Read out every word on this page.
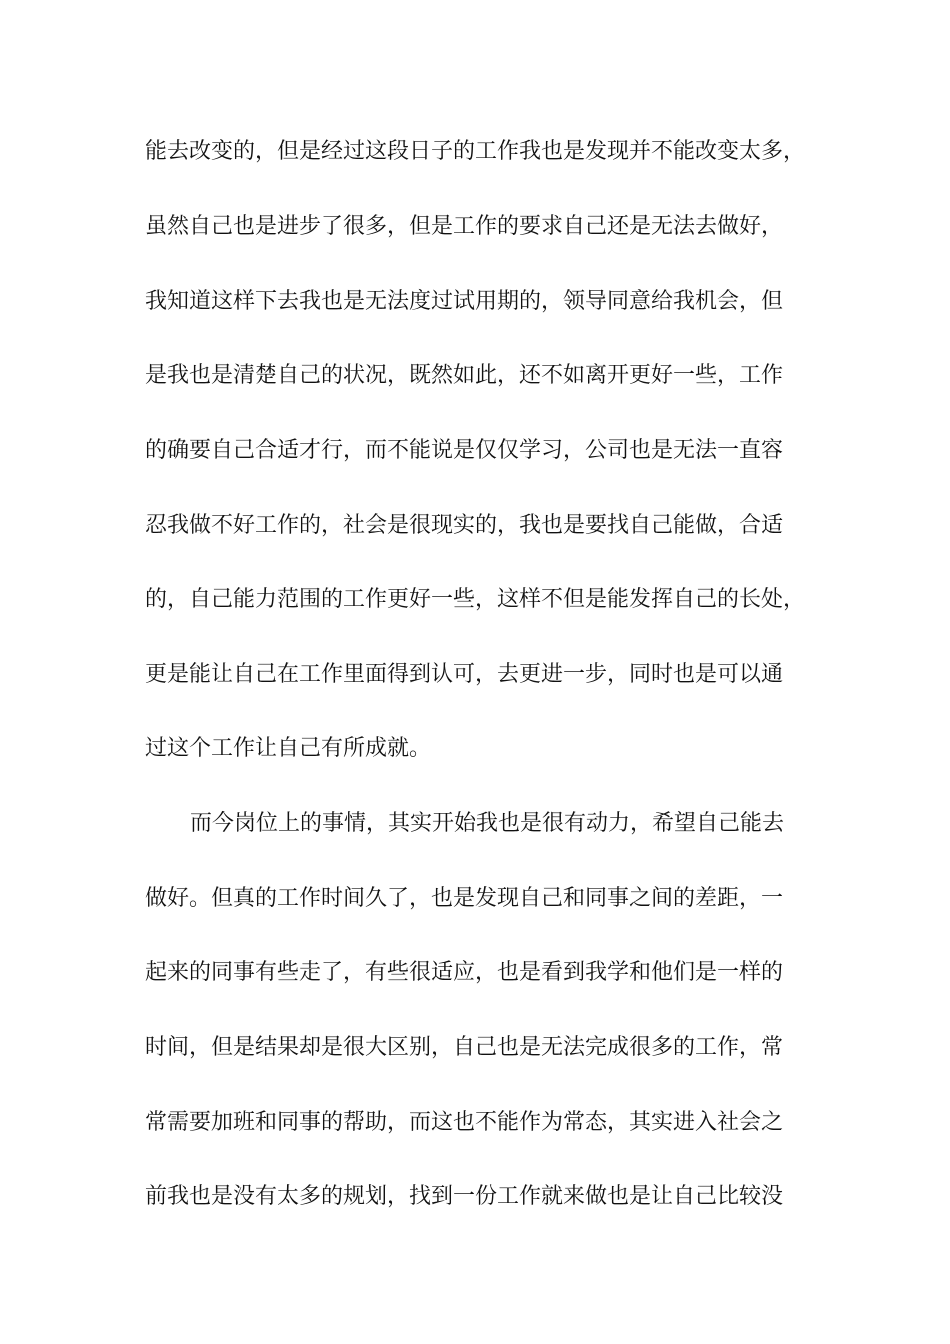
能去改变的，但是经过这段日子的工作我也是发现并不能改变太多，
虽然自己也是进步了很多，但是工作的要求自己还是无法去做好，
我知道这样下去我也是无法度过试用期的，领导同意给我机会，但
是我也是清楚自己的状况，既然如此，还不如离开更好一些，工作
的确要自己合适才行，而不能说是仅仅学习，公司也是无法一直容
忍我做不好工作的，社会是很现实的，我也是要找自己能做，合适
的，自己能力范围的工作更好一些，这样不但是能发挥自己的长处，
更是能让自己在工作里面得到认可，去更进一步，同时也是可以通
过这个工作让自己有所成就。
而今岗位上的事情，其实开始我也是很有动力，希望自己能去
做好。但真的工作时间久了，也是发现自己和同事之间的差距，一
起来的同事有些走了，有些很适应，也是看到我学和他们是一样的
时间，但是结果却是很大区别，自己也是无法完成很多的工作，常
常需要加班和同事的帮助，而这也不能作为常态，其实进入社会之
前我也是没有太多的规划，找到一份工作就来做也是让自己比较没
